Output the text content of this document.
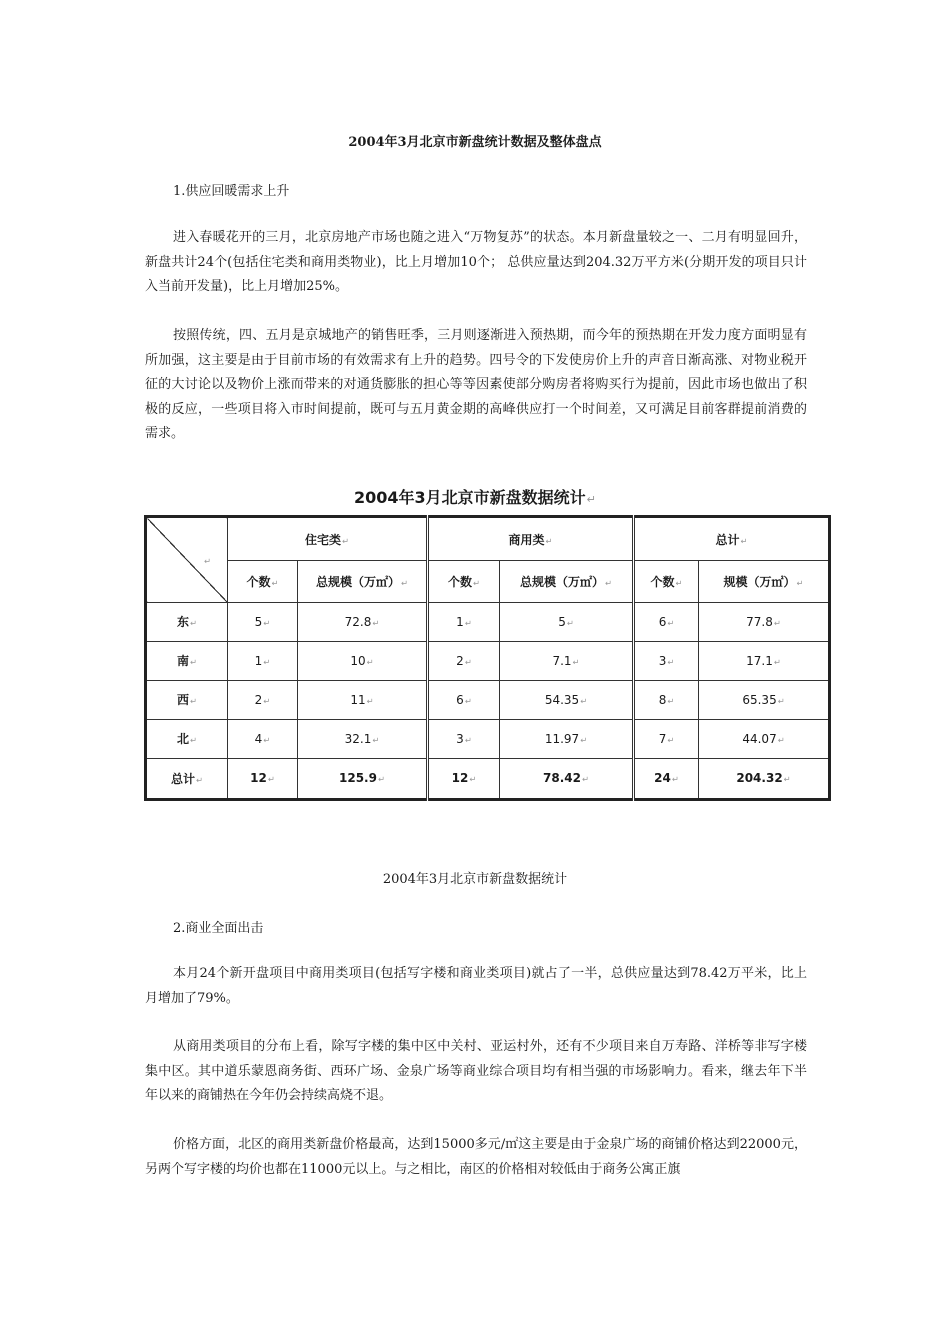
2004年3月北京市新盘统计数据及整体盘点
1.供应回暖需求上升

进入春暖花开的三月，北京房地产市场也随之进入“万物复苏”的状态。本月新盘量较之一、二月有明显回升，新盘共计24个(包括住宅类和商用类物业)，比上月增加10个； 总供应量达到204.32万平方米(分期开发的项目只计入当前开发量)，比上月增加25%。

按照传统，四、五月是京城地产的销售旺季，三月则逐渐进入预热期，而今年的预热期在开发力度方面明显有所加强，这主要是由于目前市场的有效需求有上升的趋势。四号令的下发使房价上升的声音日渐高涨、对物业税开征的大讨论以及物价上涨而带来的对通货膨胀的担心等等因素使部分购房者将购买行为提前，因此市场也做出了积极的反应，一些项目将入市时间提前，既可与五月黄金期的高峰供应打一个时间差，又可满足目前客群提前消费的需求。

2004年3月北京市新盘数据统计↵
↵	住宅类↵		商用类↵		总计↵	
	个数↵	总规模（万㎡）↵	个数↵	总规模（万㎡）↵	个数↵	规模（万㎡）↵
东↵	5↵	72.8↵	1↵	5↵	6↵	77.8↵
南↵	1↵	10↵	2↵	7.1↵	3↵	17.1↵
西↵	2↵	11↵	6↵	54.35↵	8↵	65.35↵
北↵	4↵	32.1↵	3↵	11.97↵	7↵	44.07↵
总计↵	12↵	125.9↵	12↵	78.42↵	24↵	204.32↵
2004年3月北京市新盘数据统计
2.商业全面出击

本月24个新开盘项目中商用类项目(包括写字楼和商业类项目)就占了一半，总供应量达到78.42万平米，比上月增加了79%。

从商用类项目的分布上看，除写字楼的集中区中关村、亚运村外，还有不少项目来自万寿路、洋桥等非写字楼集中区。其中道乐蒙恩商务街、西环广场、金泉广场等商业综合项目均有相当强的市场影响力。看来，继去年下半年以来的商铺热在今年仍会持续高烧不退。

价格方面，北区的商用类新盘价格最高，达到15000多元/㎡这主要是由于金泉广场的商铺价格达到22000元，另两个写字楼的均价也都在11000元以上。与之相比，南区的价格相对较低由于商务公寓正旗
